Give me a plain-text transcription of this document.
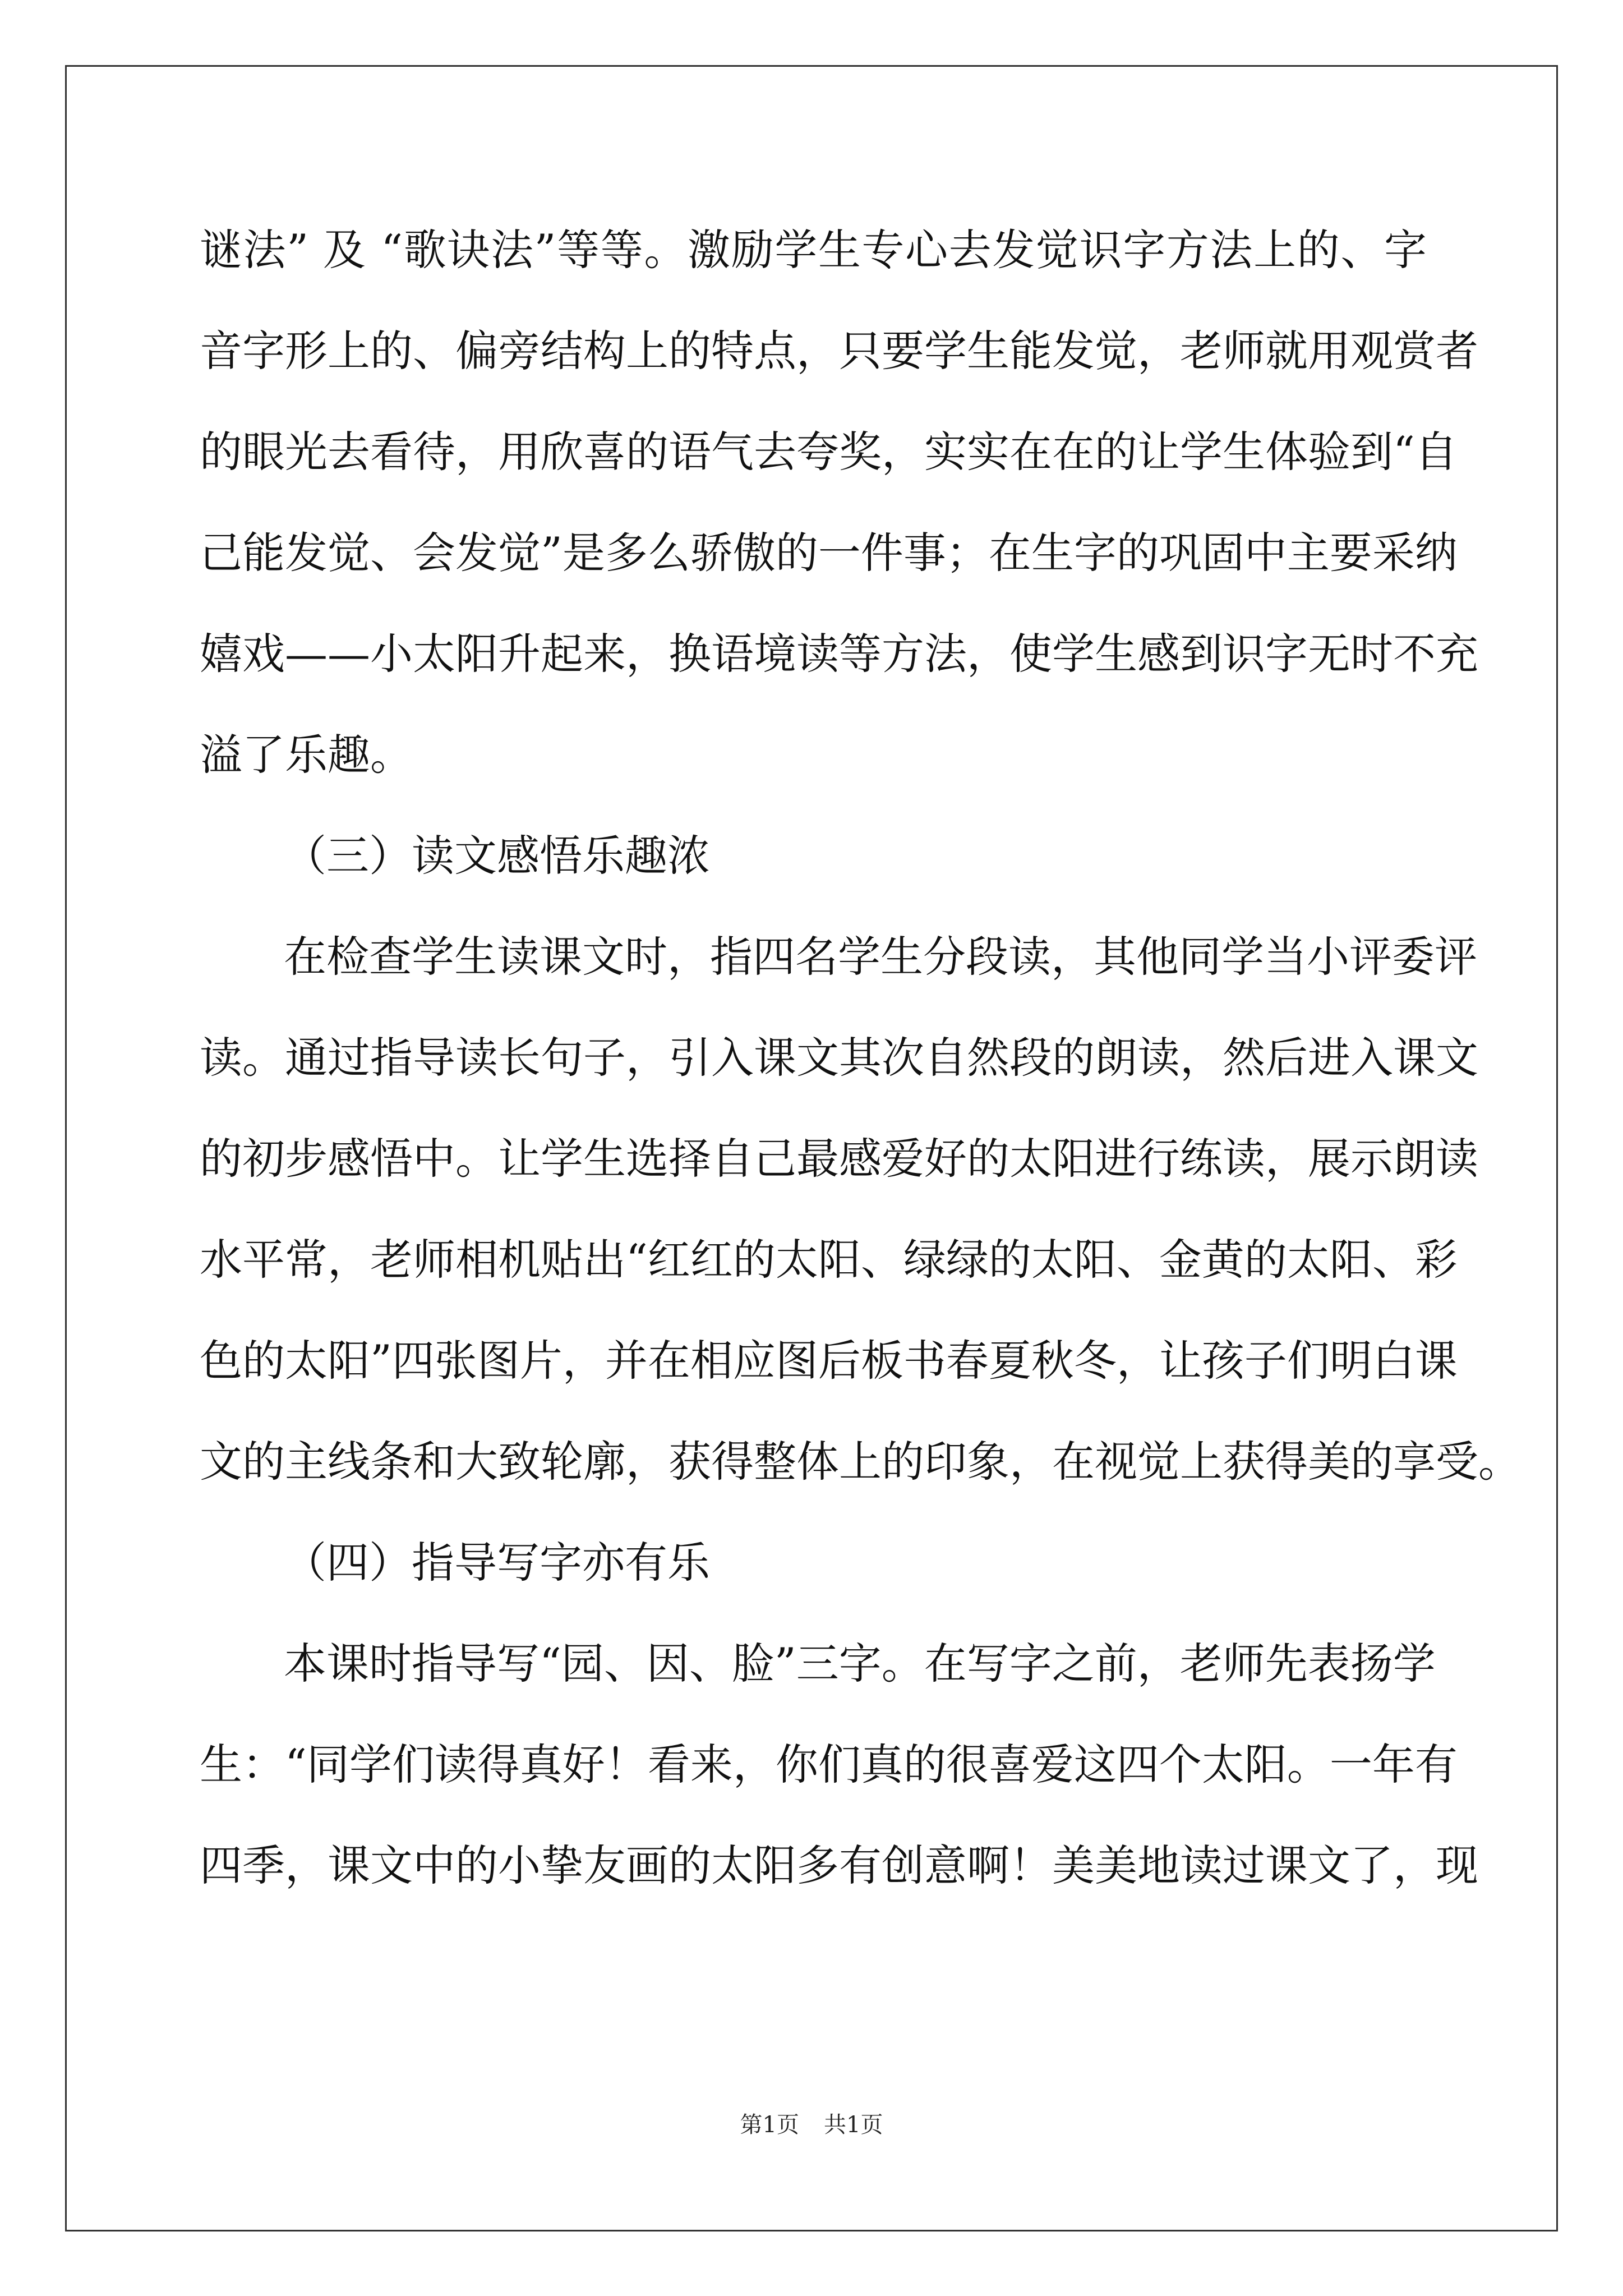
谜法” 及 “歌诀法”等等。激励学生专心去发觉识字方法上的、字
音字形上的、偏旁结构上的特点，只要学生能发觉，老师就用观赏者
的眼光去看待，用欣喜的语气去夸奖，实实在在的让学生体验到“自
己能发觉、会发觉”是多么骄傲的一件事；在生字的巩固中主要采纳
嬉戏——小太阳升起来，换语境读等方法，使学生感到识字无时不充
溢了乐趣。
（三）读文感悟乐趣浓
在检查学生读课文时，指四名学生分段读，其他同学当小评委评
读。通过指导读长句子，引入课文其次自然段的朗读，然后进入课文
的初步感悟中。让学生选择自己最感爱好的太阳进行练读，展示朗读
水平常，老师相机贴出“红红的太阳、绿绿的太阳、金黄的太阳、彩
色的太阳”四张图片，并在相应图后板书春夏秋冬，让孩子们明白课
文的主线条和大致轮廓，获得整体上的印象，在视觉上获得美的享受。
（四）指导写字亦有乐
本课时指导写“园、因、脸”三字。在写字之前，老师先表扬学
生：“同学们读得真好！看来，你们真的很喜爱这四个太阳。一年有
四季，课文中的小挚友画的太阳多有创意啊！美美地读过课文了，现
第1页 共1页
